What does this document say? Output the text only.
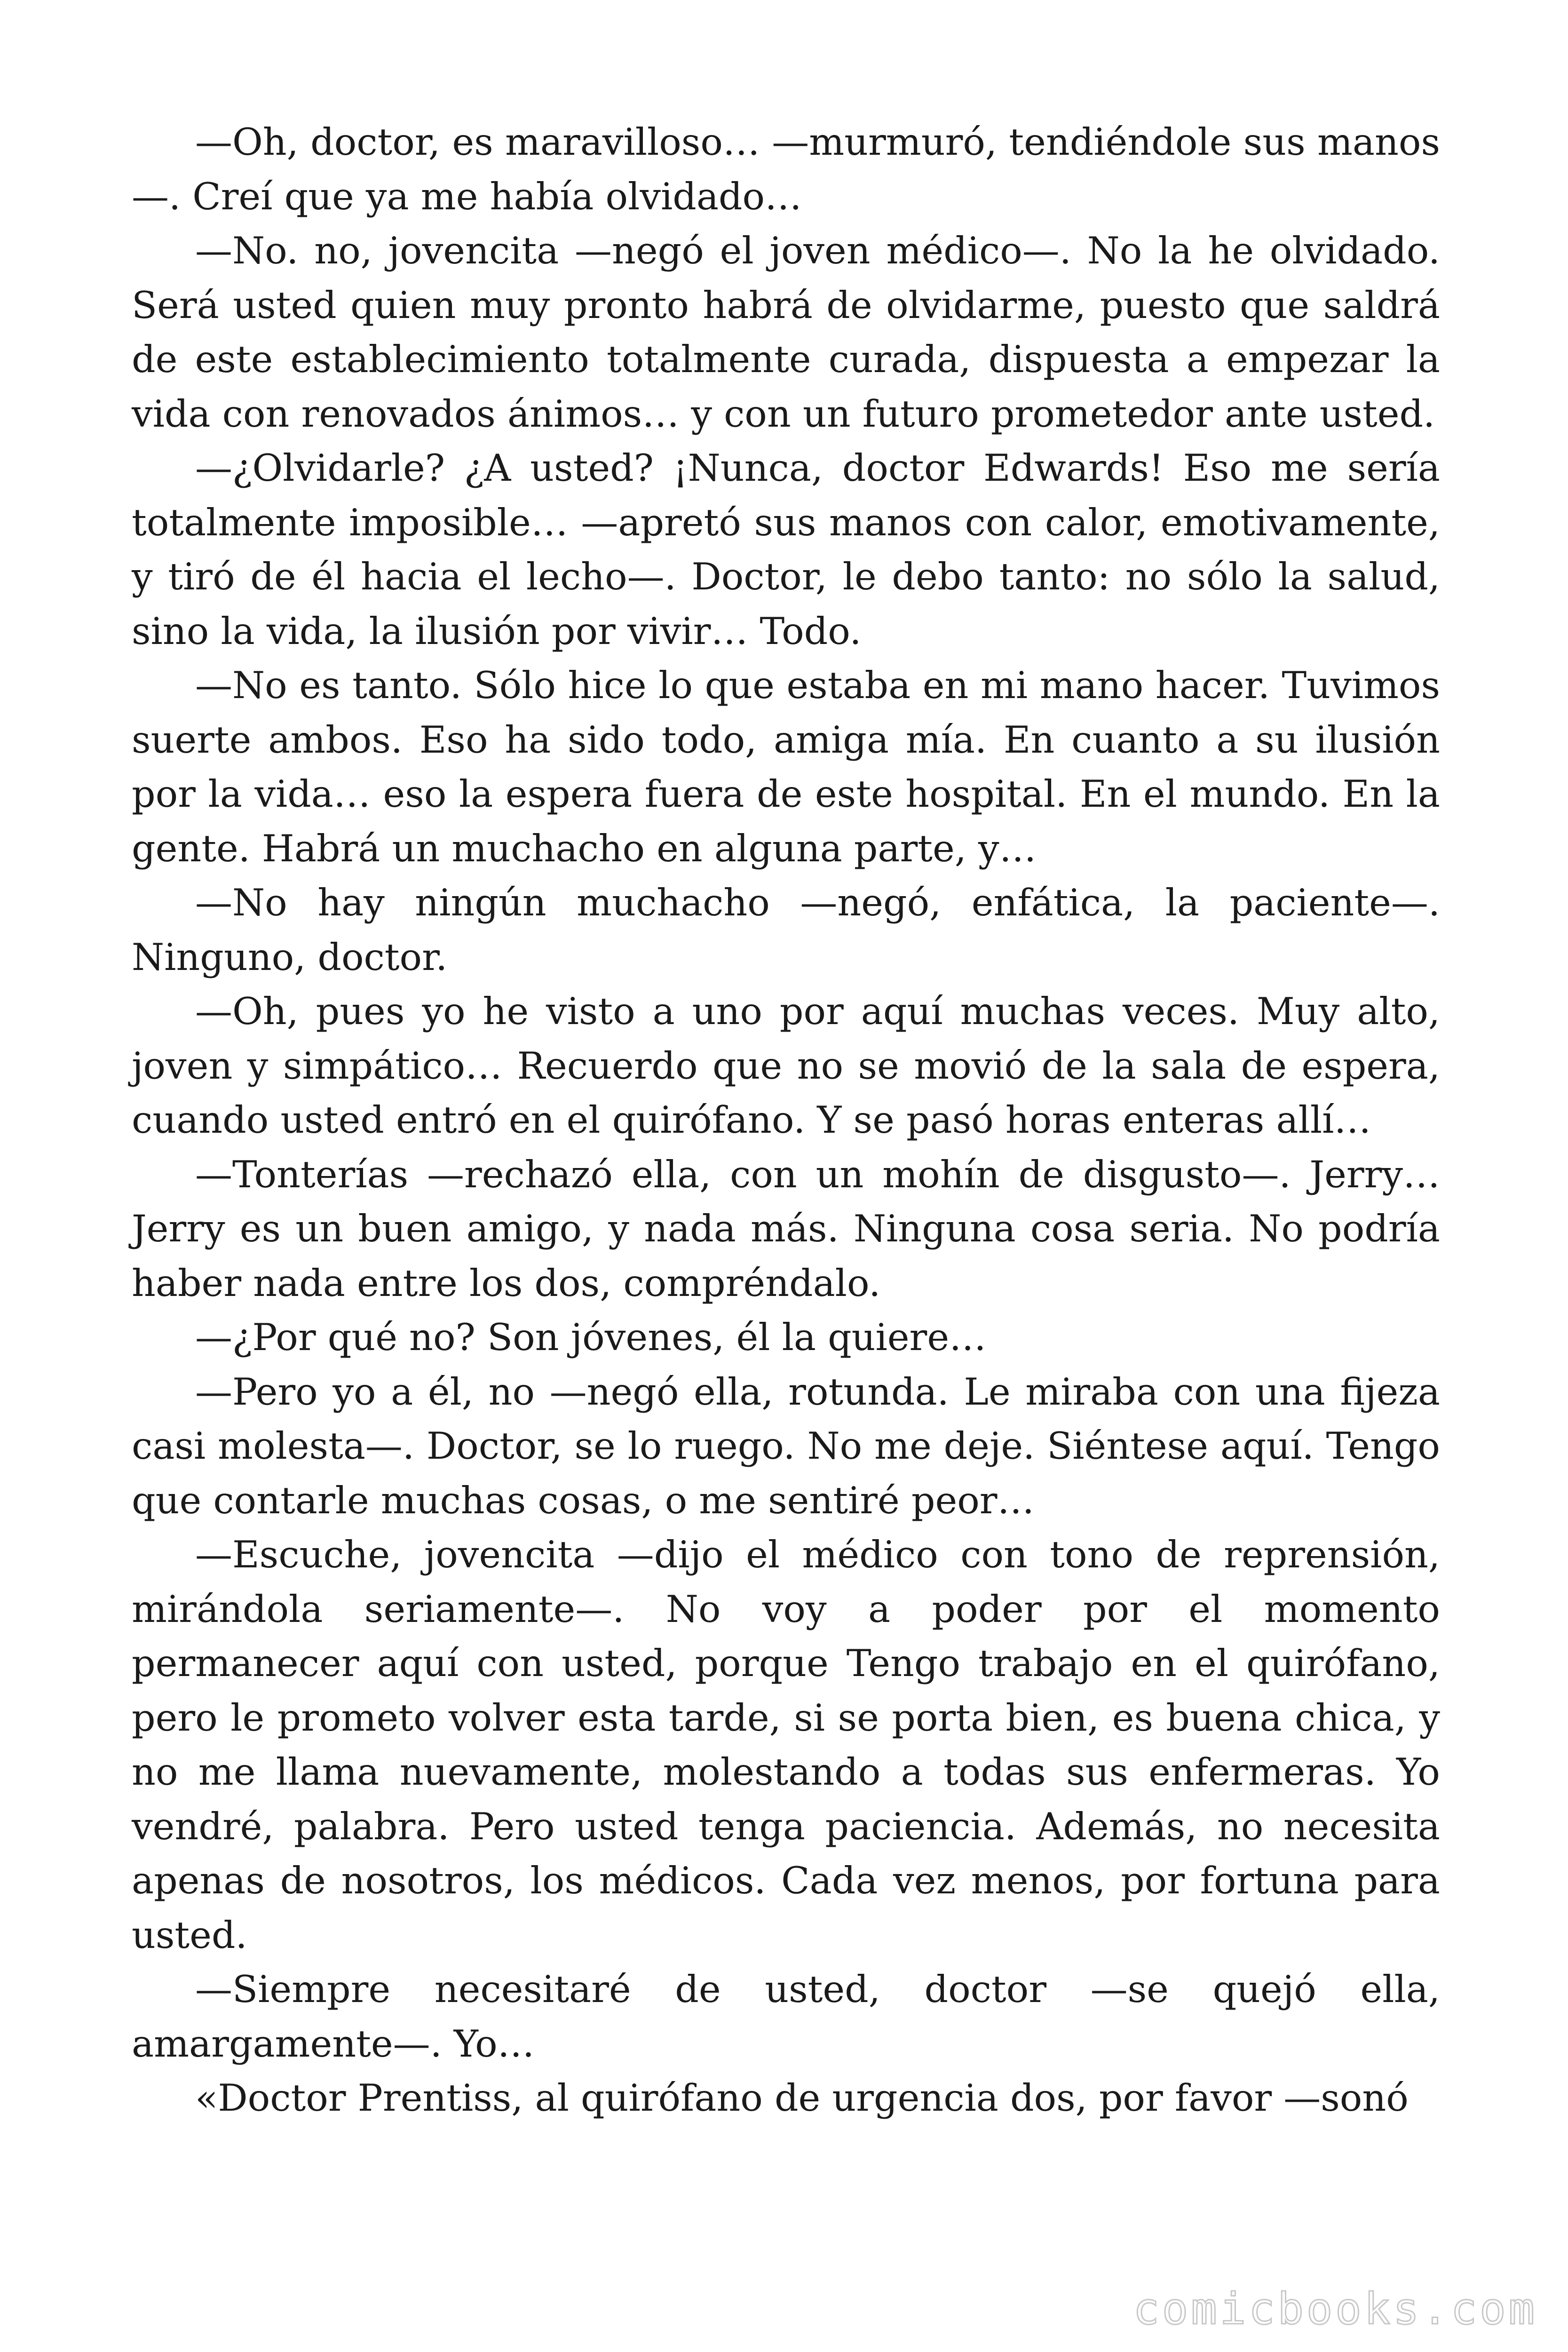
—Oh, doctor, es maravilloso… —murmuró, tendiéndole sus manos—. Creí que ya me había olvidado…

—No. no, jovencita —negó el joven médico—. No la he olvidado. Será usted quien muy pronto habrá de olvidarme, puesto que saldrá de este establecimiento totalmente curada, dispuesta a empezar la vida con renovados ánimos… y con un futuro prometedor ante usted.

—¿Olvidarle? ¿A usted? ¡Nunca, doctor Edwards! Eso me sería totalmente imposible… —apretó sus manos con calor, emotivamente, y tiró de él hacia el lecho—. Doctor, le debo tanto: no sólo la salud, sino la vida, la ilusión por vivir… Todo.

—No es tanto. Sólo hice lo que estaba en mi mano hacer. Tuvimos suerte ambos. Eso ha sido todo, amiga mía. En cuanto a su ilusión por la vida… eso la espera fuera de este hospital. En el mundo. En la gente. Habrá un muchacho en alguna parte, y…

—No hay ningún muchacho —negó, enfática, la paciente—. Ninguno, doctor.

—Oh, pues yo he visto a uno por aquí muchas veces. Muy alto, joven y simpático… Recuerdo que no se movió de la sala de espera, cuando usted entró en el quirófano. Y se pasó horas enteras allí…

—Tonterías —rechazó ella, con un mohín de disgusto—. Jerry… Jerry es un buen amigo, y nada más. Ninguna cosa seria. No podría haber nada entre los dos, compréndalo.

—¿Por qué no? Son jóvenes, él la quiere…

—Pero yo a él, no —negó ella, rotunda. Le miraba con una fijeza casi molesta—. Doctor, se lo ruego. No me deje. Siéntese aquí. Tengo que contarle muchas cosas, o me sentiré peor…

—Escuche, jovencita —dijo el médico con tono de reprensión, mirándola seriamente—. No voy a poder por el momento permanecer aquí con usted, porque Tengo trabajo en el quirófano, pero le prometo volver esta tarde, si se porta bien, es buena chica, y no me llama nuevamente, molestando a todas sus enfermeras. Yo vendré, palabra. Pero usted tenga paciencia. Además, no necesita apenas de nosotros, los médicos. Cada vez menos, por fortuna para usted.

—Siempre necesitaré de usted, doctor —se quejó ella, amargamente—. Yo…

«Doctor Prentiss, al quirófano de urgencia dos, por favor —sonó

comicbooks.com
